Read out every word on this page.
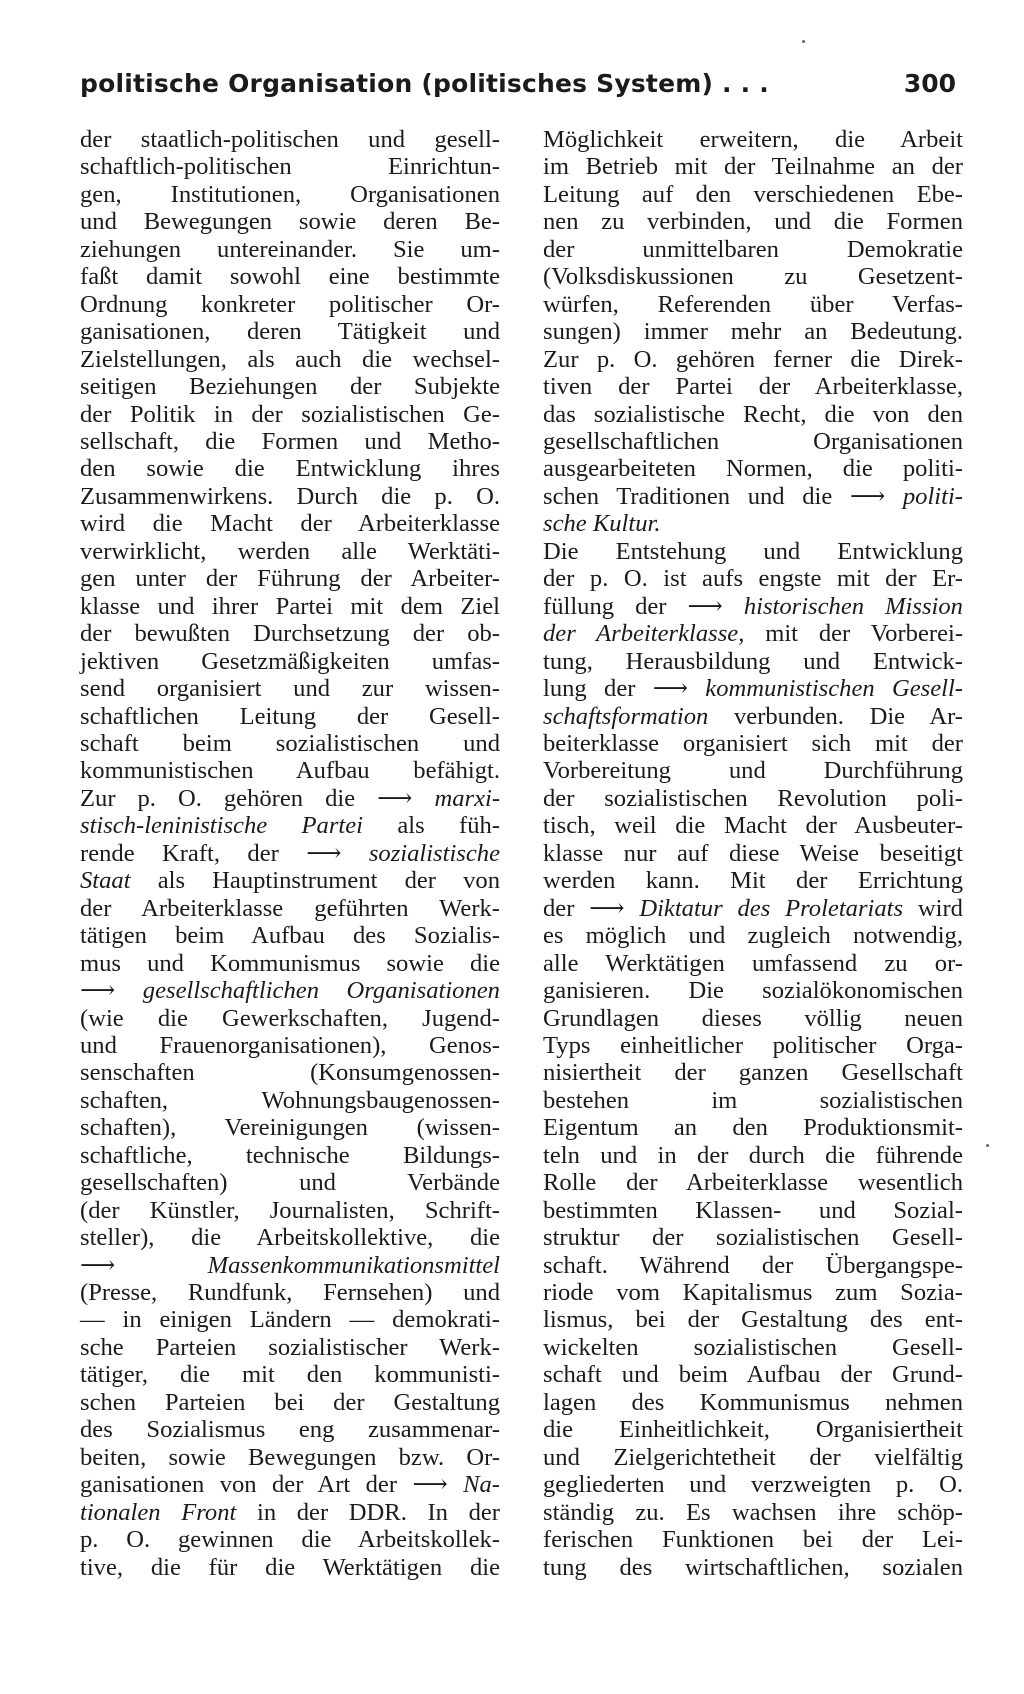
politische Organisation (politisches System) . . .	300

der staatlich-politischen und gesell-

schaftlich-politischen Einrichtun-

gen, Institutionen, Organisationen

und Bewegungen sowie deren Be-

ziehungen untereinander. Sie um-

faßt damit sowohl eine bestimmte

Ordnung konkreter politischer Or-

ganisationen, deren Tätigkeit und

Zielstellungen, als auch die wechsel-

seitigen Beziehungen der Subjekte

der Politik in der sozialistischen Ge-

sellschaft, die Formen und Metho-

den sowie die Entwicklung ihres

Zusammenwirkens. Durch die p. O.

wird die Macht der Arbeiterklasse

verwirklicht, werden alle Werktäti-

gen unter der Führung der Arbeiter-

klasse und ihrer Partei mit dem Ziel

der bewußten Durchsetzung der ob-

jektiven Gesetzmäßigkeiten umfas-

send organisiert und zur wissen-

schaftlichen Leitung der Gesell-

schaft beim sozialistischen und

kommunistischen Aufbau befähigt.

Zur p. O. gehören die ⟶ marxi-

stisch-leninistische Partei als füh-

rende Kraft, der ⟶ sozialistische

Staat als Hauptinstrument der von

der Arbeiterklasse geführten Werk-

tätigen beim Aufbau des Sozialis-

mus und Kommunismus sowie die

⟶ gesellschaftlichen Organisationen

(wie die Gewerkschaften, Jugend-

und Frauenorganisationen), Genos-

senschaften (Konsumgenossen-

schaften, Wohnungsbaugenossen-

schaften), Vereinigungen (wissen-

schaftliche, technische Bildungs-

gesellschaften) und Verbände

(der Künstler, Journalisten, Schrift-

steller), die Arbeitskollektive, die

⟶	Massenkommunikationsmittel

(Presse, Rundfunk, Fernsehen) und

— in einigen Ländern — demokrati-

sche Parteien sozialistischer Werk-

tätiger, die mit den kommunisti-

schen Parteien bei der Gestaltung

des Sozialismus eng zusammenar-

beiten, sowie Bewegungen bzw. Or-

ganisationen von der Art der ⟶ Na-

tionalen Front in der DDR. In der

p. O. gewinnen die Arbeitskollek-

tive, die für die Werktätigen die

Möglichkeit erweitern, die Arbeit

im Betrieb mit der Teilnahme an der

Leitung auf den verschiedenen Ebe-

nen zu verbinden, und die Formen

der unmittelbaren Demokratie

(Volksdiskussionen zu Gesetzent-

würfen, Referenden über Verfas-

sungen) immer mehr an Bedeutung.

Zur p. O. gehören ferner die Direk-

tiven der Partei der Arbeiterklasse,

das sozialistische Recht, die von den

gesellschaftlichen Organisationen

ausgearbeiteten Normen, die politi-

schen Traditionen und die ⟶ politi-

sche Kultur.

Die Entstehung und Entwicklung

der p. O. ist aufs engste mit der Er-

füllung der ⟶ historischen Mission

der Arbeiterklasse, mit der Vorberei-

tung, Herausbildung und Entwick-

lung der ⟶ kommunistischen Gesell-

schaftsformation verbunden. Die Ar-

beiterklasse organisiert sich mit der

Vorbereitung und Durchführung

der sozialistischen Revolution poli-

tisch, weil die Macht der Ausbeuter-

klasse nur auf diese Weise beseitigt

werden kann. Mit der Errichtung

der ⟶ Diktatur des Proletariats wird

es möglich und zugleich notwendig,

alle Werktätigen umfassend zu or-

ganisieren. Die sozialökonomischen

Grundlagen dieses völlig neuen

Typs einheitlicher politischer Orga-

nisiertheit der ganzen Gesellschaft

bestehen im sozialistischen

Eigentum an den Produktionsmit-

teln und in der durch die führende

Rolle der Arbeiterklasse wesentlich

bestimmten Klassen- und Sozial-

struktur der sozialistischen Gesell-

schaft. Während der Übergangspe-

riode vom Kapitalismus zum Sozia-

lismus, bei der Gestaltung des ent-

wickelten sozialistischen Gesell-

schaft und beim Aufbau der Grund-

lagen des Kommunismus nehmen

die Einheitlichkeit, Organisiertheit

und Zielgerichtetheit der vielfältig

gegliederten und verzweigten p. O.

ständig zu. Es wachsen ihre schöp-

ferischen Funktionen bei der Lei-

tung des wirtschaftlichen, sozialen
